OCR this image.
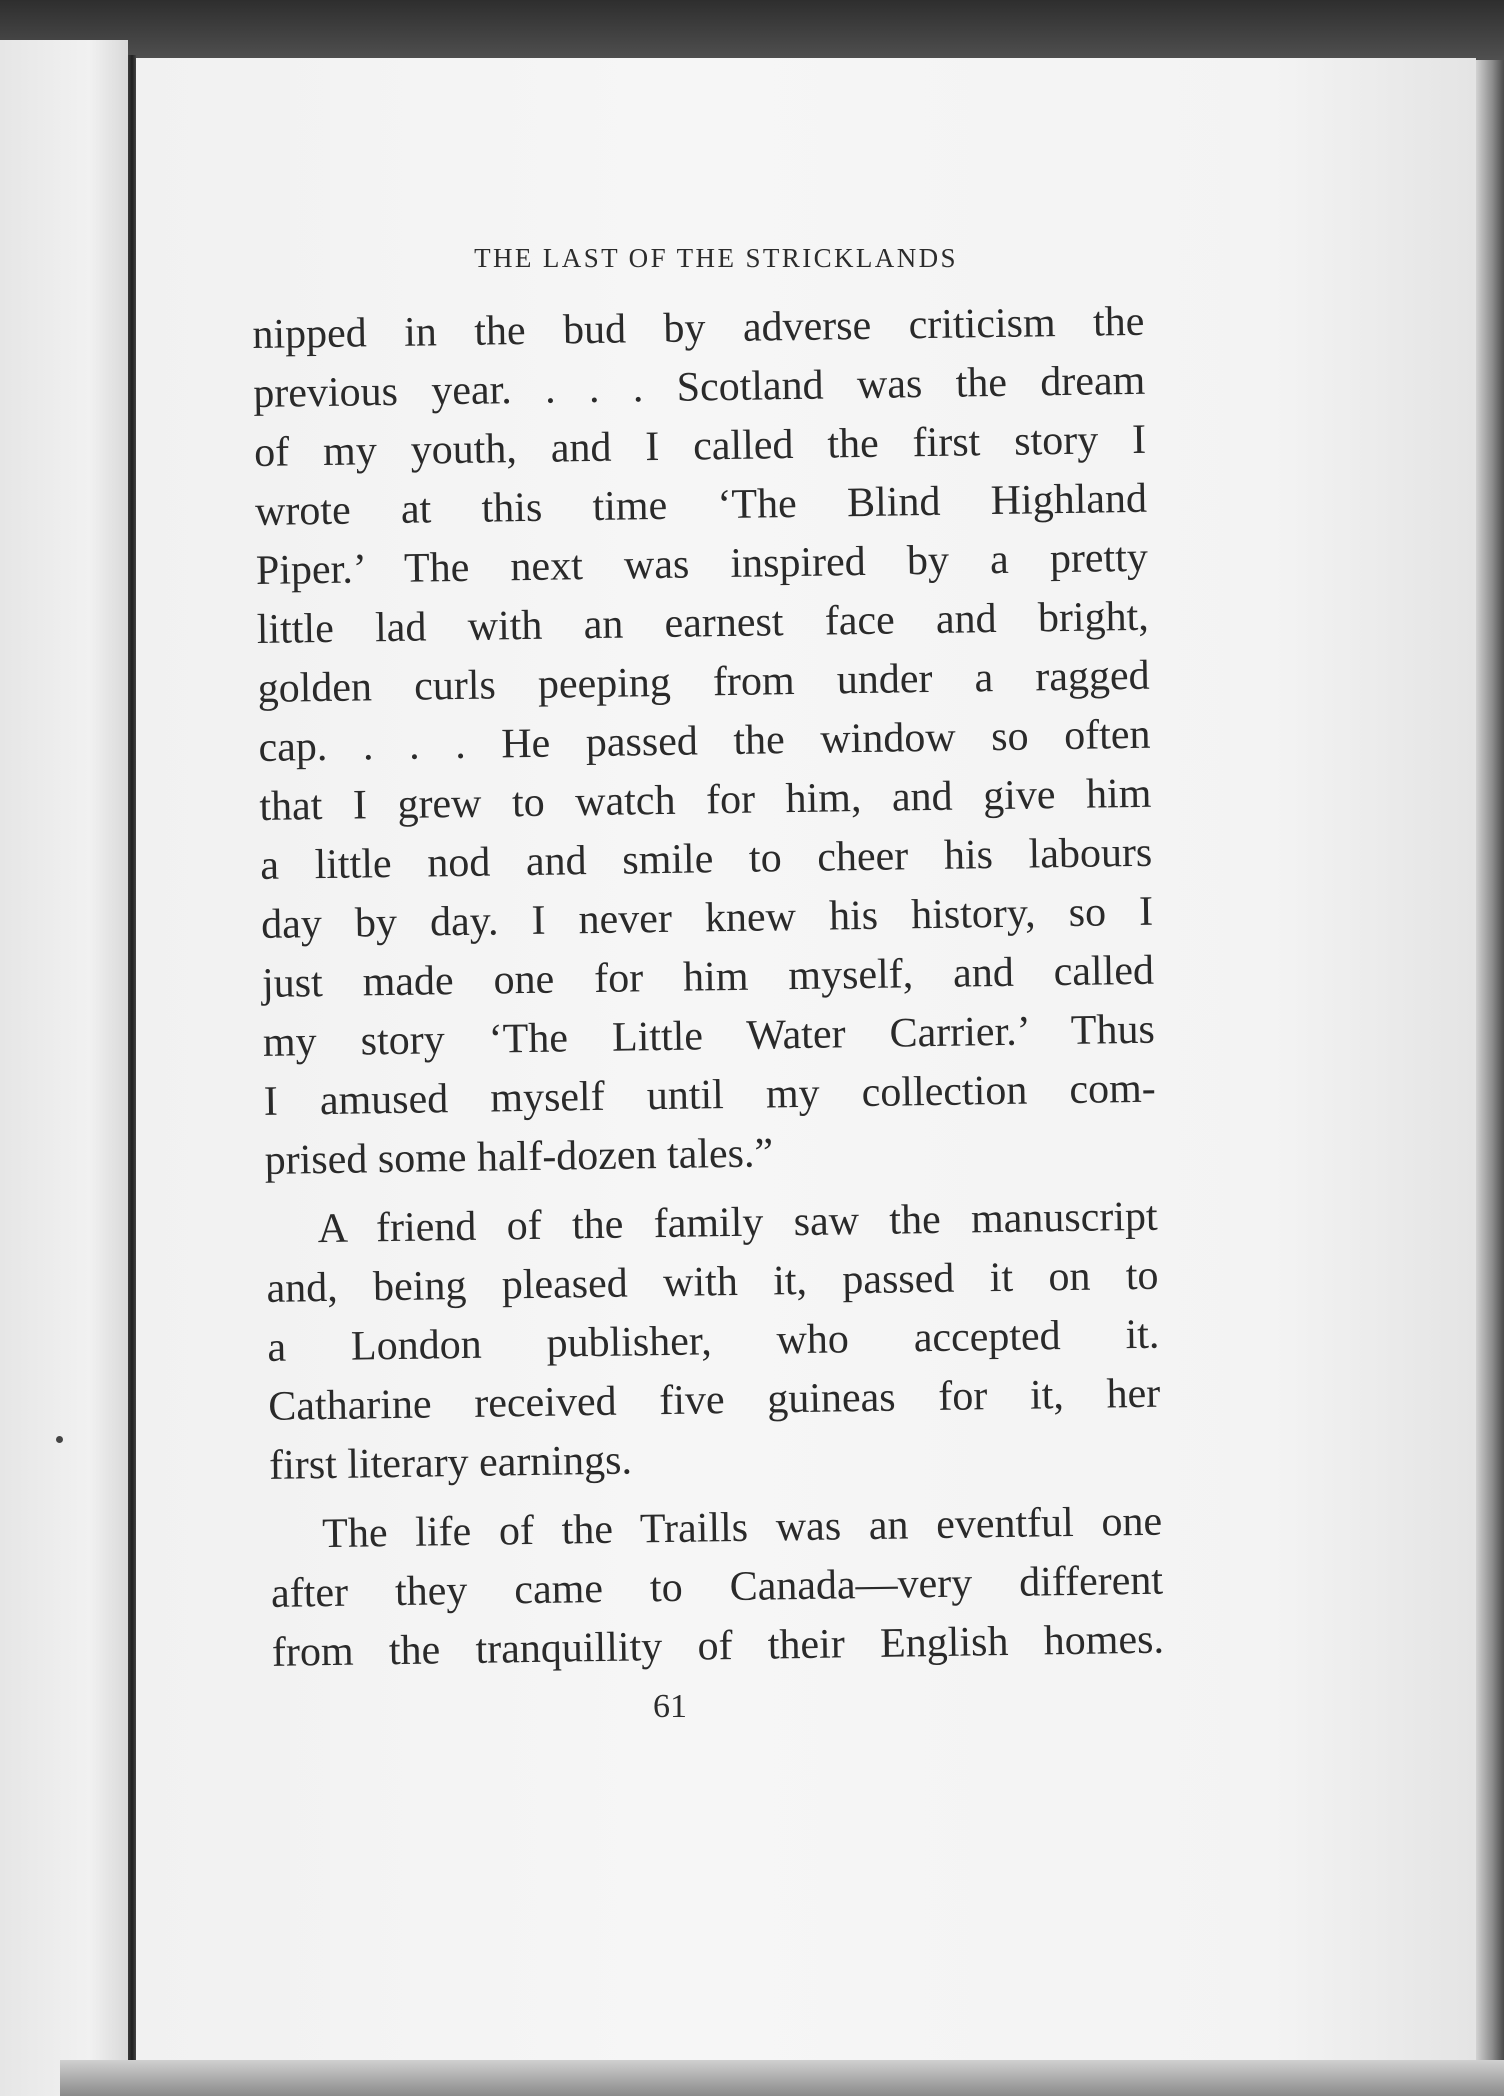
THE LAST OF THE STRICKLANDS
nipped in the bud by adverse criticism the
previous year. . . . Scotland was the dream
of my youth, and I called the first story I
wrote at this time ‘The Blind Highland
Piper.’ The next was inspired by a pretty
little lad with an earnest face and bright,
golden curls peeping from under a ragged
cap. . . . He passed the window so often
that I grew to watch for him, and give him
a little nod and smile to cheer his labours
day by day. I never knew his history, so I
just made one for him myself, and called
my story ‘The Little Water Carrier.’ Thus
I amused myself until my collection com-
prised some half-dozen tales.”
A friend of the family saw the manuscript
and, being pleased with it, passed it on to
a London publisher, who accepted it.
Catharine received five guineas for it, her
first literary earnings.
The life of the Traills was an eventful one
after they came to Canada—very different
from the tranquillity of their English homes.
61
